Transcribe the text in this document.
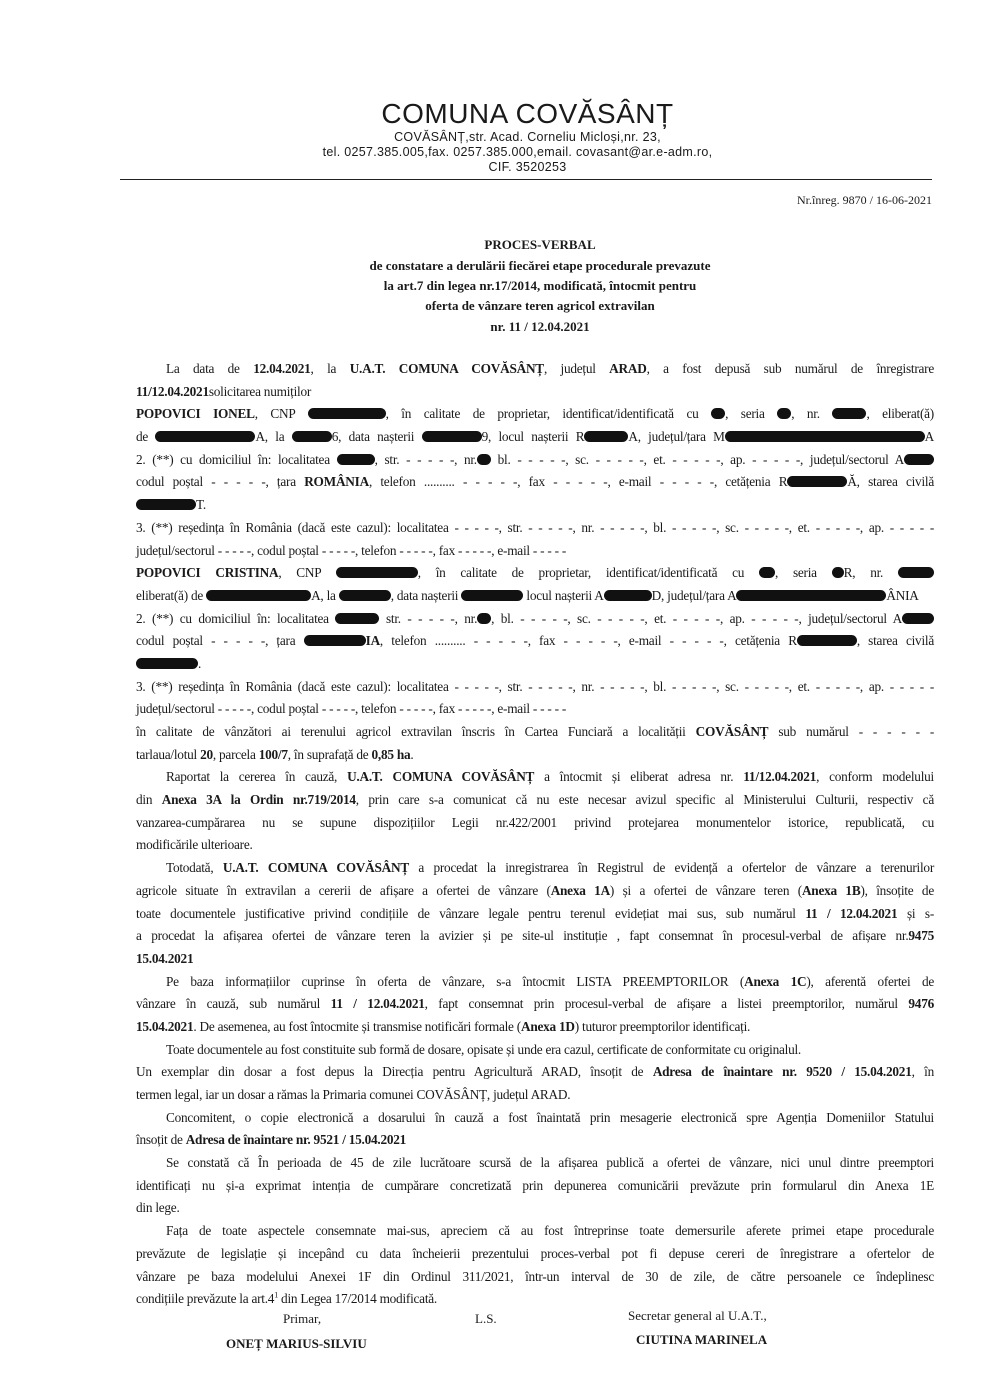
COMUNA COVĂSÂNȚ
COVĂSÂNȚ,str. Acad. Corneliu Micloși,nr. 23,
tel. 0257.385.005,fax. 0257.385.000,email. covasant@ar.e-adm.ro,
CIF. 3520253
Nr.înreg. 9870 / 16-06-2021
PROCES-VERBAL
de constatare a derulării fiecărei etape procedurale prevazute
la art.7 din legea nr.17/2014, modificată, întocmit pentru
oferta de vânzare teren agricol extravilan
nr. 11 / 12.04.2021
La data de 12.04.2021, la U.A.T. COMUNA COVĂSÂNȚ, județul ARAD, a fost depusă sub numărul de înregistrare
11/12.04.2021solicitarea numiților
POPOVICI IONEL, CNP	, în calitate de proprietar, identificat/identificată cu , seria , nr.	, eliberat(ă)
de	A, la	6, data nașterii	9, locul nașterii R	A, județul/țara M	A
2. (**) cu domiciliul în: localitatea	, str. - - - - -, nr. bl. - - - - -, sc. - - - - -, et. - - - - -, ap. - - - - -, județul/sectorul A
codul poștal - - - - -, țara ROMÂNIA, telefon .......... - - - - -, fax - - - - -, e-mail - - - - -, cetățenia R	Ă, starea civilă
T.
3. (**) reședința în România (dacă este cazul): localitatea - - - - -, str. - - - - -, nr. - - - - -, bl. - - - - -, sc. - - - - -, et. - - - - -, ap. - - - - -
județul/sectorul - - - - -, codul poștal - - - - -, telefon - - - - -, fax - - - - -, e-mail - - - - -
POPOVICI CRISTINA, CNP	, în calitate de proprietar, identificat/identificată cu , seria R, nr.
eliberat(ă) de	A, la	, data nașterii	locul nașterii A	D, județul/țara A	ÂNIA
2. (**) cu domiciliul în: localitatea	str. - - - - -, nr. , bl. - - - - -, sc. - - - - -, et. - - - - -, ap. - - - - -, județul/sectorul A
codul poștal - - - - -, țara	IA, telefon .......... - - - - -, fax - - - - -, e-mail - - - - -, cetățenia R	, starea civilă
.
3. (**) reședința în România (dacă este cazul): localitatea - - - - -, str. - - - - -, nr. - - - - -, bl. - - - - -, sc. - - - - -, et. - - - - -, ap. - - - - -
județul/sectorul - - - - -, codul poștal - - - - -, telefon - - - - -, fax - - - - -, e-mail - - - - -
în calitate de vânzători ai terenului agricol extravilan înscris în Cartea Funciară a localității COVĂSÂNȚ sub numărul - - - - - -
tarlaua/lotul 20, parcela 100/7, în suprafață de 0,85 ha.
Raportat la cererea în cauză, U.A.T. COMUNA COVĂSÂNȚ a întocmit și eliberat adresa nr. 11/12.04.2021, conform modelului
din Anexa 3A la Ordin nr.719/2014, prin care s-a comunicat că nu este necesar avizul specific al Ministerului Culturii, respectiv că
vanzarea-cumpărarea nu se supune dispozițiilor Legii nr.422/2001 privind protejarea monumentelor istorice, republicată, cu
modificările ulterioare.
Totodată, U.A.T. COMUNA COVĂSÂNȚ a procedat la inregistrarea în Registrul de evidență a ofertelor de vânzare a terenurilor
agricole situate în extravilan a cererii de afișare a ofertei de vânzare (Anexa 1A) și a ofertei de vânzare teren (Anexa 1B), însoțite de
toate documentele justificative privind condițiile de vânzare legale pentru terenul evidețiat mai sus, sub numărul 11 / 12.04.2021 și s-
a procedat la afișarea ofertei de vânzare teren la avizier și pe site-ul instituție , fapt consemnat în procesul-verbal de afișare nr.9475
15.04.2021
Pe baza informațiilor cuprinse în oferta de vânzare, s-a întocmit LISTA PREEMPTORILOR (Anexa 1C), aferentă ofertei de
vânzare în cauză, sub numărul 11 / 12.04.2021, fapt consemnat prin procesul-verbal de afișare a listei preemptorilor, numărul 9476
15.04.2021. De asemenea, au fost întocmite și transmise notificări formale (Anexa 1D) tuturor preemptorilor identificați.
Toate documentele au fost constituite sub formă de dosare, opisate și unde era cazul, certificate de conformitate cu originalul.
Un exemplar din dosar a fost depus la Direcția pentru Agricultură ARAD, însoțit de Adresa de înaintare nr. 9520 / 15.04.2021, în
termen legal, iar un dosar a rămas la Primaria comunei COVĂSÂNȚ, județul ARAD.
Concomitent, o copie electronică a dosarului în cauză a fost înaintată prin mesagerie electronică spre Agenția Domeniilor Statului
însoțit de Adresa de înaintare nr. 9521 / 15.04.2021
Se constată că În perioada de 45 de zile lucrătoare scursă de la afișarea publică a ofertei de vânzare, nici unul dintre preemptori
identificați nu și-a exprimat intenția de cumpărare concretizată prin depunerea comunicării prevăzute prin formularul din Anexa 1E
din lege.
Fața de toate aspectele consemnate mai-sus, apreciem că au fost întreprinse toate demersurile aferete primei etape procedurale
prevăzute de legislație și incepând cu data încheierii prezentului proces-verbal pot fi depuse cereri de înregistrare a ofertelor de
vânzare pe baza modelului Anexei 1F din Ordinul 311/2021, într-un interval de 30 de zile, de către persoanele ce îndeplinesc
condițiile prevăzute la $art.4^1$ din Legea 17/2014 modificată.
Primar,
ONEȚ MARIUS-SILVIU
L.S.	Secretar general al U.A.T.,
CIUTINA MARINELA
